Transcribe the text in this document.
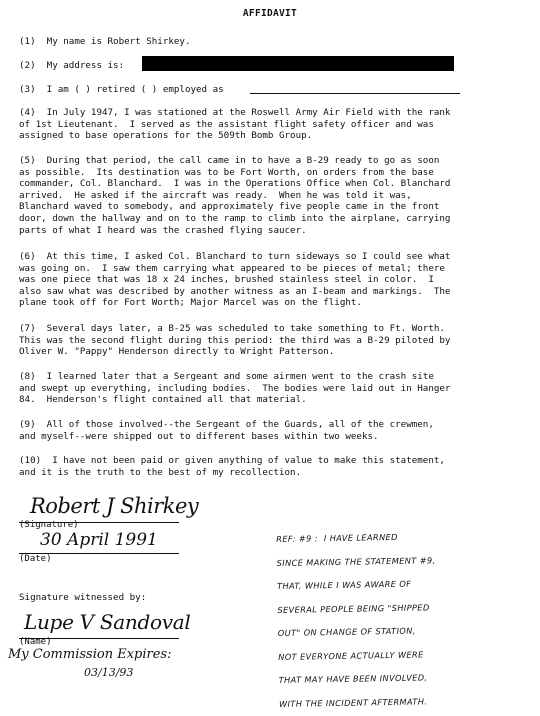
AFFIDAVIT
(1)  My name is Robert Shirkey.
(2)  My address is:
(3)  I am ( ) retired ( ) employed as
(4)  In July 1947, I was stationed at the Roswell Army Air Field with the rank
of 1st Lieutenant.  I served as the assistant flight safety officer and was
assigned to base operations for the 509th Bomb Group.
(5)  During that period, the call came in to have a B-29 ready to go as soon
as possible.  Its destination was to be Fort Worth, on orders from the base
commander, Col. Blanchard.  I was in the Operations Office when Col. Blanchard
arrived.  He asked if the aircraft was ready.  When he was told it was,
Blanchard waved to somebody, and approximately five people came in the front
door, down the hallway and on to the ramp to climb into the airplane, carrying
parts of what I heard was the crashed flying saucer.
(6)  At this time, I asked Col. Blanchard to turn sideways so I could see what
was going on.  I saw them carrying what appeared to be pieces of metal; there
was one piece that was 18 x 24 inches, brushed stainless steel in color.  I
also saw what was described by another witness as an I-beam and markings.  The
plane took off for Fort Worth; Major Marcel was on the flight.
(7)  Several days later, a B-25 was scheduled to take something to Ft. Worth.
This was the second flight during this period: the third was a B-29 piloted by
Oliver W. "Pappy" Henderson directly to Wright Patterson.
(8)  I learned later that a Sergeant and some airmen went to the crash site
and swept up everything, including bodies.  The bodies were laid out in Hanger
84.  Henderson's flight contained all that material.
(9)  All of those involved--the Sergeant of the Guards, all of the crewmen,
and myself--were shipped out to different bases within two weeks.
(10)  I have not been paid or given anything of value to make this statement,
and it is the truth to the best of my recollection.
Robert J Shirkey
(Signature)
30 April 1991
(Date)
Signature witnessed by:
Lupe V Sandoval
(Name)
My Commission Expires:
03/13/93
REF: #9 :  I HAVE LEARNED
SINCE MAKING THE STATEMENT #9,
THAT, WHILE I WAS AWARE OF
SEVERAL PEOPLE BEING "SHIPPED
OUT" ON CHANGE OF STATION,
NOT EVERYONE ACTUALLY WERE
THAT MAY HAVE BEEN INVOLVED,
WITH THE INCIDENT AFTERMATH.
